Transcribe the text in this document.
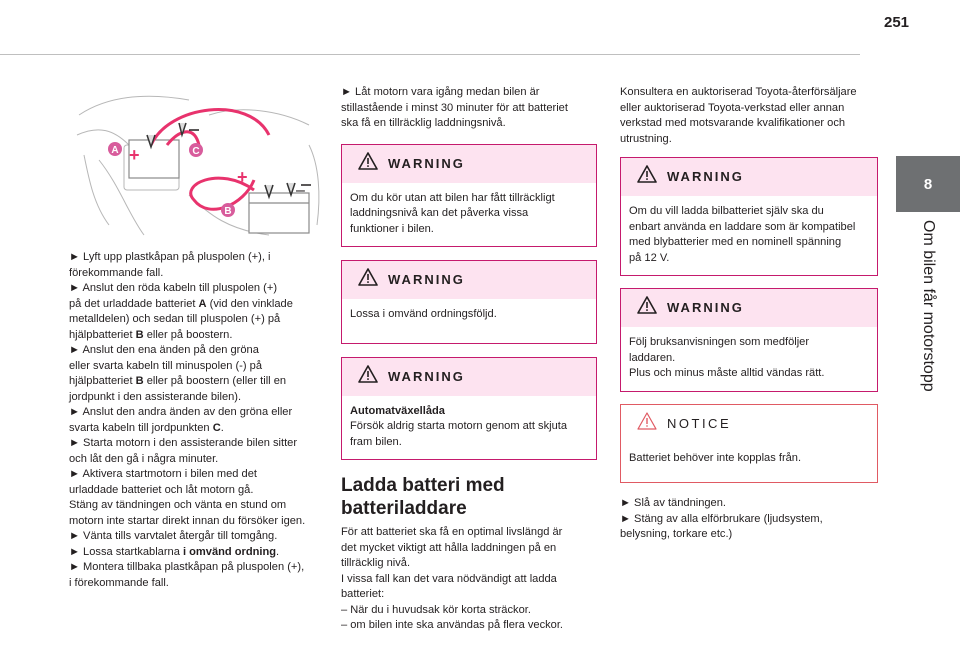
251
8
Om bilen får motorstopp
+
+
–
A	C
B

► Lyft upp plastkåpan på pluspolen (+), i

förekommande fall.

► Anslut den röda kabeln till pluspolen (+)

på det urladdade batteriet A (vid den vinklade

metalldelen) och sedan till pluspolen (+) på

hjälpbatteriet B eller på boostern.

► Anslut den ena änden på den gröna

eller svarta kabeln till minuspolen (-) på

hjälpbatteriet B eller på boostern (eller till en

jordpunkt i den assisterande bilen).

► Anslut den andra änden av den gröna eller

svarta kabeln till jordpunkten C.

► Starta motorn i den assisterande bilen sitter

och låt den gå i några minuter.

► Aktivera startmotorn i bilen med det

urladdade batteriet och låt motorn gå.

Stäng av tändningen och vänta en stund om

motorn inte startar direkt innan du försöker igen.

► Vänta tills varvtalet återgår till tomgång.

► Lossa startkablarna i omvänd ordning.

► Montera tillbaka plastkåpan på pluspolen (+),

i förekommande fall.

► Låt motorn vara igång medan bilen är

stillastående i minst 30 minuter för att batteriet

ska få en tillräcklig laddningsnivå.

WARNING

Om du kör utan att bilen har fått tillräckligt

laddningsnivå kan det påverka vissa

funktioner i bilen.

WARNING

Lossa i omvänd ordningsföljd.

WARNING

Automatväxellåda

Försök aldrig starta motorn genom att skjuta

fram bilen.

Ladda batteri med

batteriladdare

För att batteriet ska få en optimal livslängd är

det mycket viktigt att hålla laddningen på en

tillräcklig nivå.

I vissa fall kan det vara nödvändigt att ladda

batteriet:

– När du i huvudsak kör korta sträckor.

– om bilen inte ska användas på flera veckor.

Konsultera en auktoriserad Toyota-återförsäljare

eller auktoriserad Toyota-verkstad eller annan

verkstad med motsvarande kvalifikationer och

utrustning.

WARNING

Om du vill ladda bilbatteriet själv ska du

enbart använda en laddare som är kompatibel

med blybatterier med en nominell spänning

på 12 V.

WARNING

Följ bruksanvisningen som medföljer

laddaren.

Plus och minus måste alltid vändas rätt.

NOTICE

Batteriet behöver inte kopplas från.

► Slå av tändningen.

► Stäng av alla elförbrukare (ljudsystem,

belysning, torkare etc.)
